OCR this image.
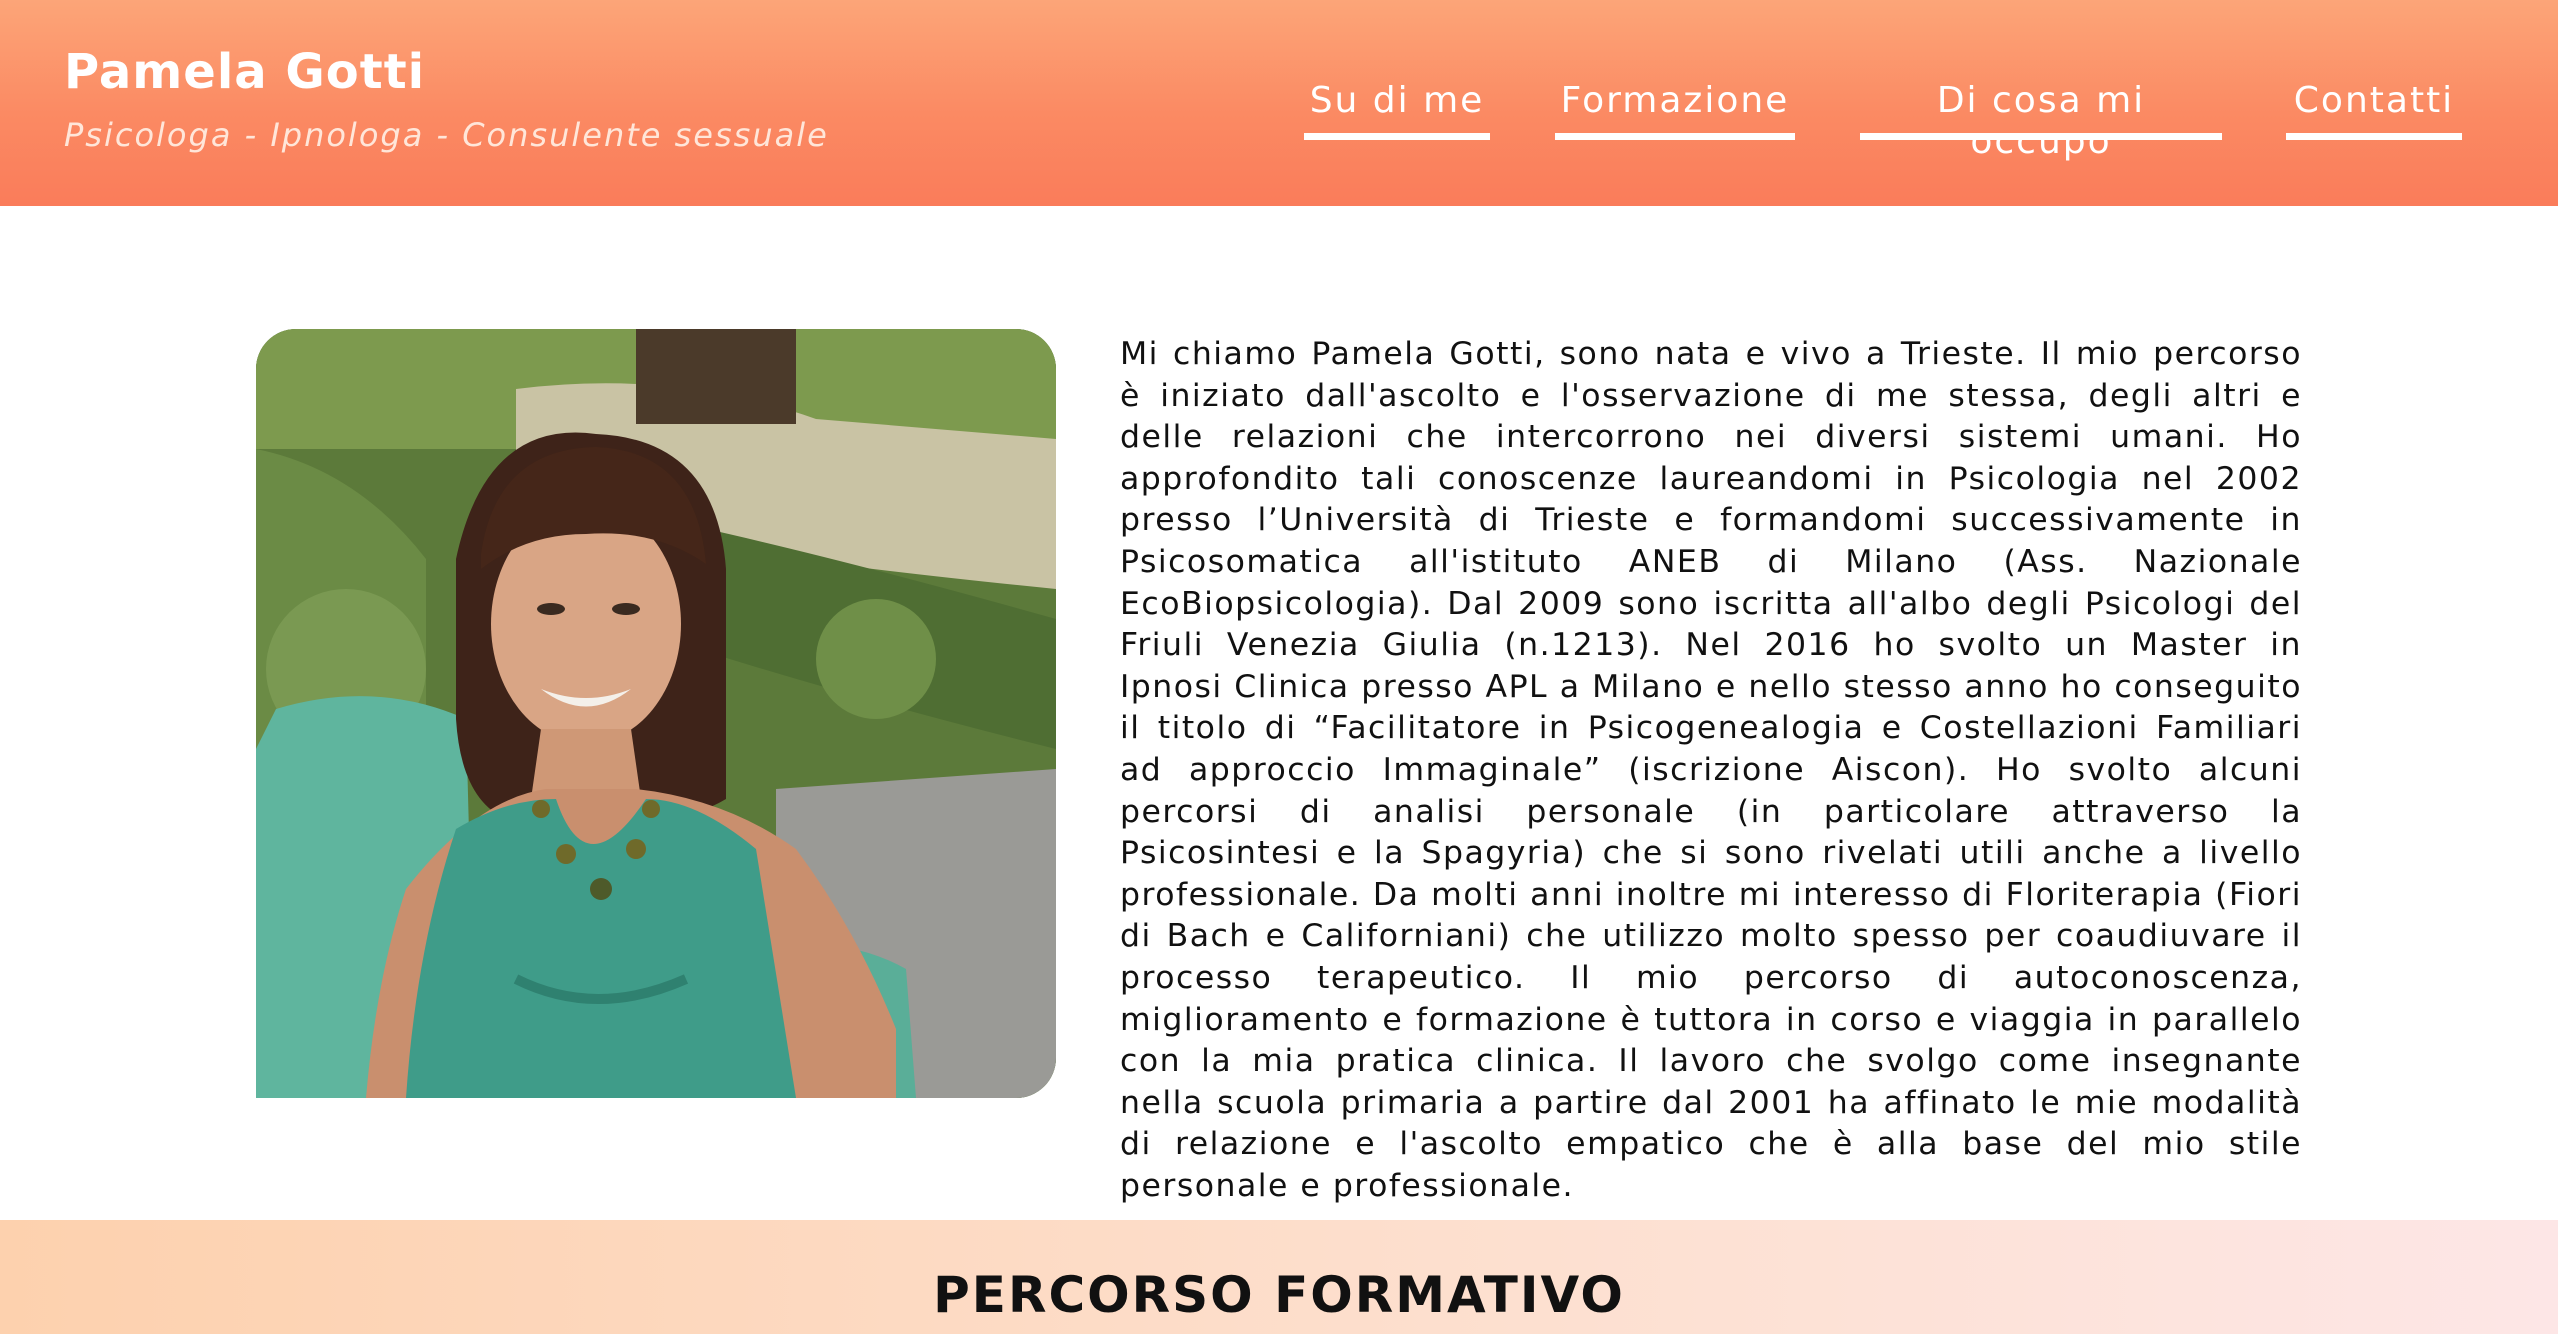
Pamela Gotti
Psicologa - Ipnologa - Consulente sessuale
Su di me Formazione	Di cosa mi occupo
Contatti
Mi chiamo Pamela Gotti, sono nata e vivo a Trieste. Il mio percorso è iniziato dall'ascolto e l'osservazione di me stessa, degli altri e delle relazioni che intercorrono nei diversi sistemi umani. Ho approfondito tali conoscenze laureandomi in Psicologia nel 2002 presso l’Università di Trieste e formandomi successivamente in Psicosomatica all'istituto ANEB di Milano (Ass. Nazionale EcoBiopsicologia). Dal 2009 sono iscritta all'albo degli Psicologi del Friuli Venezia Giulia (n.1213). Nel 2016 ho svolto un Master in Ipnosi Clinica presso APL a Milano e nello stesso anno ho conseguito il titolo di “Facilitatore in Psicogenealogia e Costellazioni Familiari ad approccio Immaginale” (iscrizione Aiscon). Ho svolto alcuni percorsi di analisi personale (in particolare attraverso la Psicosintesi e la Spagyria) che si sono rivelati utili anche a livello professionale. Da molti anni inoltre mi interesso di Floriterapia (Fiori di Bach e Californiani) che utilizzo molto spesso per coaudiuvare il processo terapeutico. Il mio percorso di autoconoscenza, miglioramento e formazione è tuttora in corso e viaggia in parallelo con la mia pratica clinica. Il lavoro che svolgo come insegnante nella scuola primaria a partire dal 2001 ha affinato le mie modalità di relazione e l'ascolto empatico che è alla base del mio stile personale e professionale.
PERCORSO FORMATIVO
